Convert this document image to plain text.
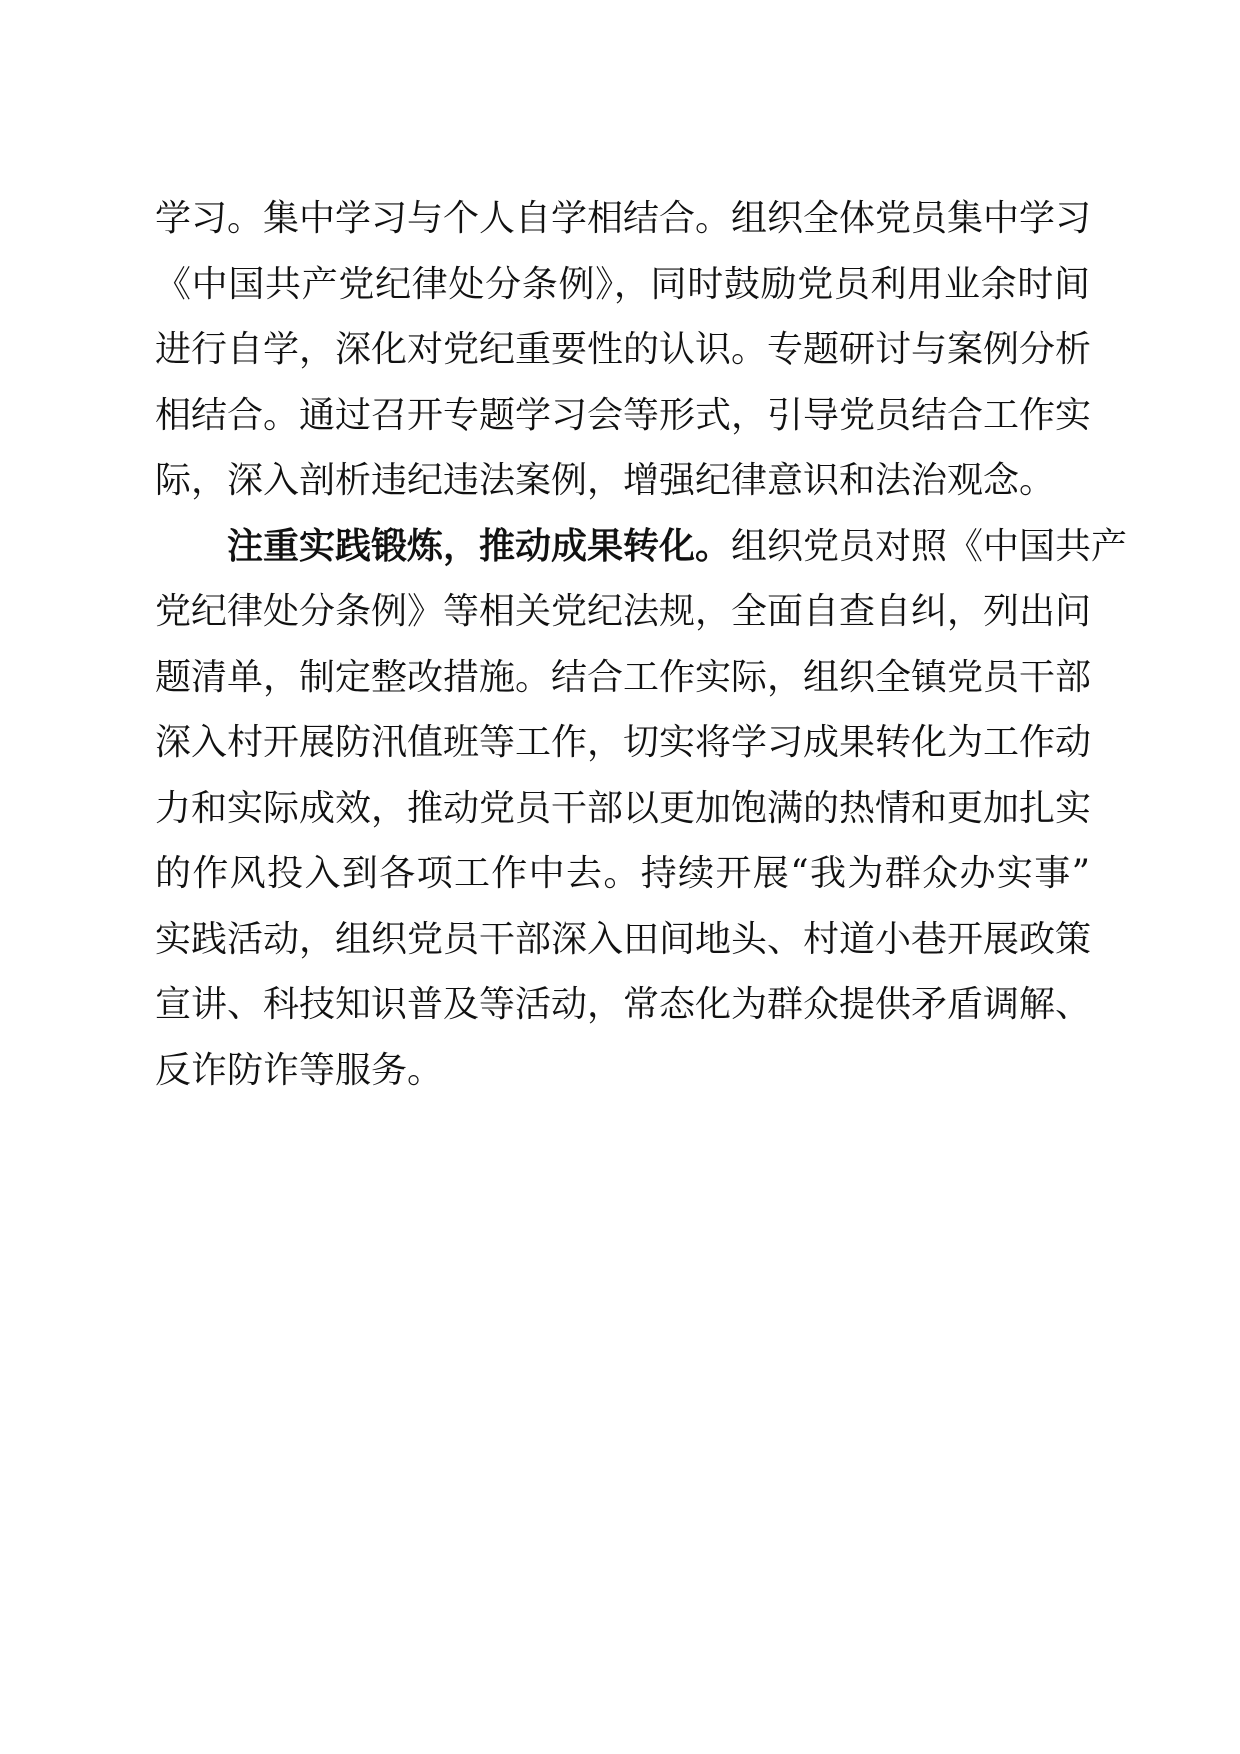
学习。集中学习与个人自学相结合。组织全体党员集中学习
《中国共产党纪律处分条例》，同时鼓励党员利用业余时间
进行自学，深化对党纪重要性的认识。专题研讨与案例分析
相结合。通过召开专题学习会等形式，引导党员结合工作实
际，深入剖析违纪违法案例，增强纪律意识和法治观念。
注重实践锻炼，推动成果转化。组织党员对照《中国共产
党纪律处分条例》等相关党纪法规，全面自查自纠，列出问
题清单，制定整改措施。结合工作实际，组织全镇党员干部
深入村开展防汛值班等工作，切实将学习成果转化为工作动
力和实际成效，推动党员干部以更加饱满的热情和更加扎实
的作风投入到各项工作中去。持续开展“我为群众办实事”
实践活动，组织党员干部深入田间地头、村道小巷开展政策
宣讲、科技知识普及等活动，常态化为群众提供矛盾调解、
反诈防诈等服务。
